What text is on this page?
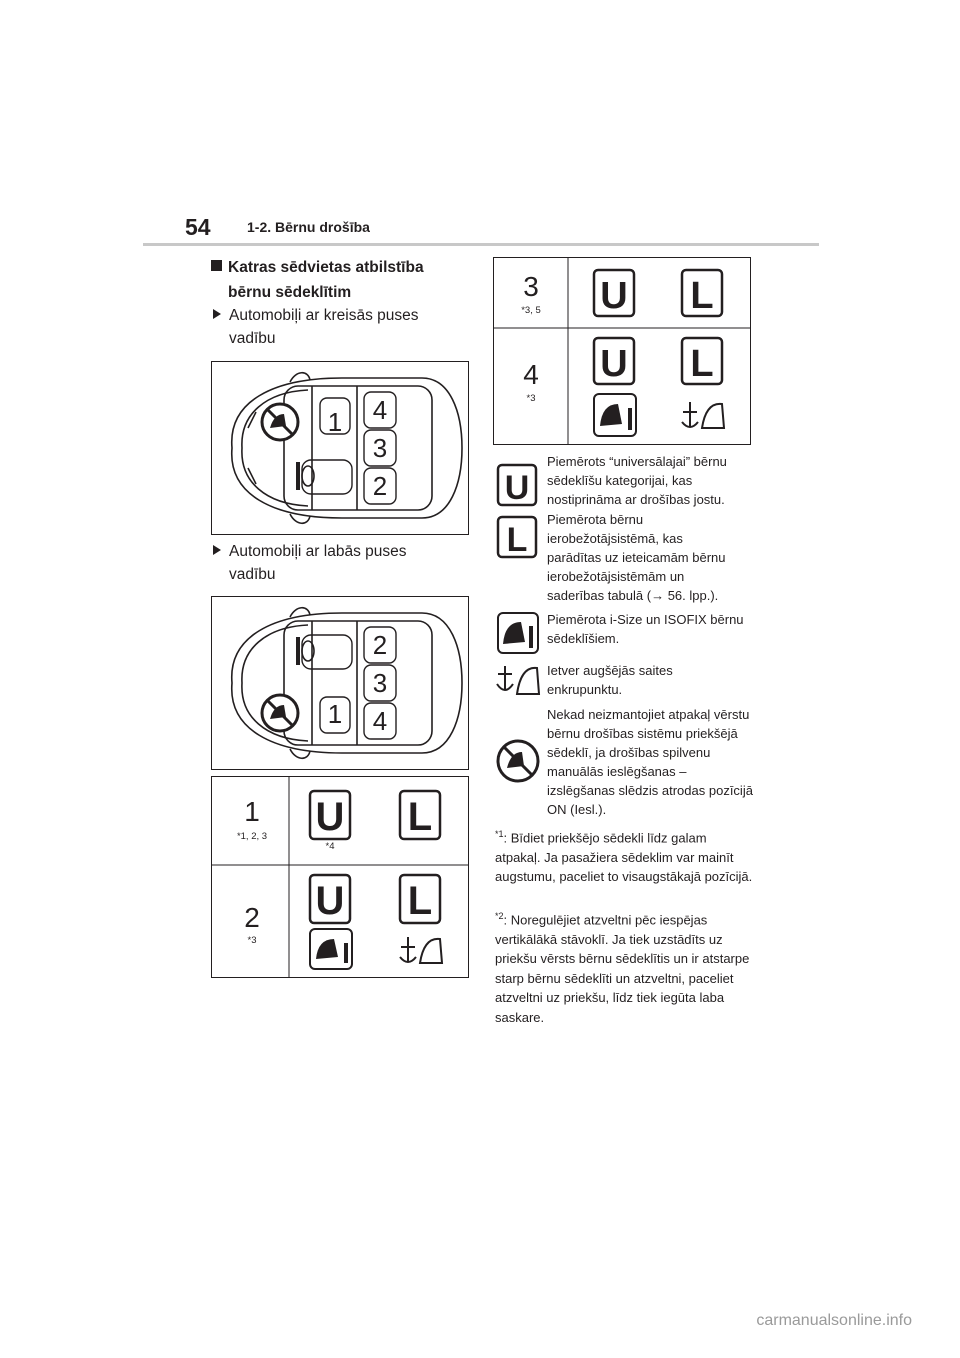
54	1-2. Bērnu drošība
Katras sēdvietas atbilstība
bērnu sēdeklītim
Automobiļi ar kreisās puses
vadību
1 4
3
2
Automobiļi ar labās puses
vadību
1
2
3
4
1
*1, 2, 3
2
*3
*4
U L
U L
3
*3, 5
4
*3
U L
U L
U
Piemērots “universālajai” bērnu sēdeklīšu kategorijai, kas nostiprināma ar drošības jostu.
L
Piemērota bērnu
ierobežotājsistēmā, kas
parādītas uz ieteicamām bērnu
ierobežotājsistēmām un
saderības tabulā (→ 56. lpp.).
Piemērota i-Size un ISOFIX bērnu sēdeklīšiem.
Ietver augšējās saites enkrupunktu.
Nekad neizmantojiet atpakaļ vērstu bērnu drošības sistēmu priekšējā sēdeklī, ja drošības spilvenu manuālās ieslēgšanas – izslēgšanas slēdzis atrodas pozīcijā ON (Iesl.).
$^{*1}$: Bīdiet priekšējo sēdekli līdz galam atpakaļ. Ja pasažiera sēdeklim var mainīt augstumu, paceliet to visaugstākajā pozīcijā.
$^{*2}$: Noregulējiet atzveltni pēc iespējas vertikālākā stāvoklī. Ja tiek uzstādīts uz priekšu vērsts bērnu sēdeklītis un ir atstarpe starp bērnu sēdeklīti un atzveltni, paceliet atzveltni uz priekšu, līdz tiek iegūta laba saskare.
carmanualsonline.info
